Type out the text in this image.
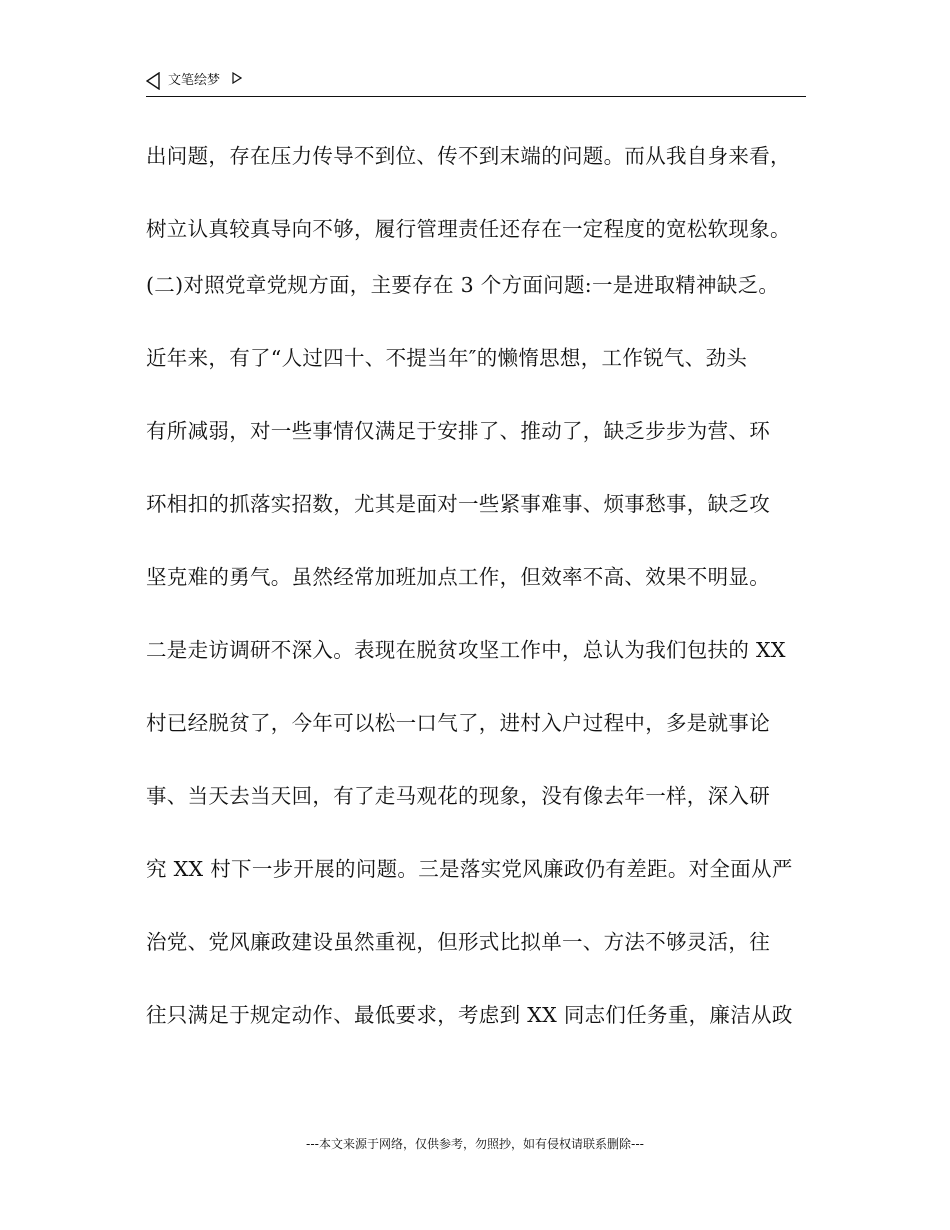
文笔绘梦
出问题，存在压力传导不到位、传不到末端的问题。而从我自身来看，
树立认真较真导向不够，履行管理责任还存在一定程度的宽松软现象。
(二)对照党章党规方面，主要存在 3 个方面问题:一是进取精神缺乏。
近年来，有了“人过四十、不提当年″的懒惰思想，工作锐气、劲头
有所减弱，对一些事情仅满足于安排了、推动了，缺乏步步为营、环
环相扣的抓落实招数，尤其是面对一些紧事难事、烦事愁事，缺乏攻
坚克难的勇气。虽然经常加班加点工作，但效率不高、效果不明显。
二是走访调研不深入。表现在脱贫攻坚工作中，总认为我们包扶的 XX
村已经脱贫了，今年可以松一口气了，进村入户过程中，多是就事论
事、当天去当天回，有了走马观花的现象，没有像去年一样，深入研
究 XX 村下一步开展的问题。三是落实党风廉政仍有差距。对全面从严
治党、党风廉政建设虽然重视，但形式比拟单一、方法不够灵活，往
往只满足于规定动作、最低要求，考虑到 XX 同志们任务重，廉洁从政
---本文来源于网络，仅供参考，勿照抄，如有侵权请联系删除---
